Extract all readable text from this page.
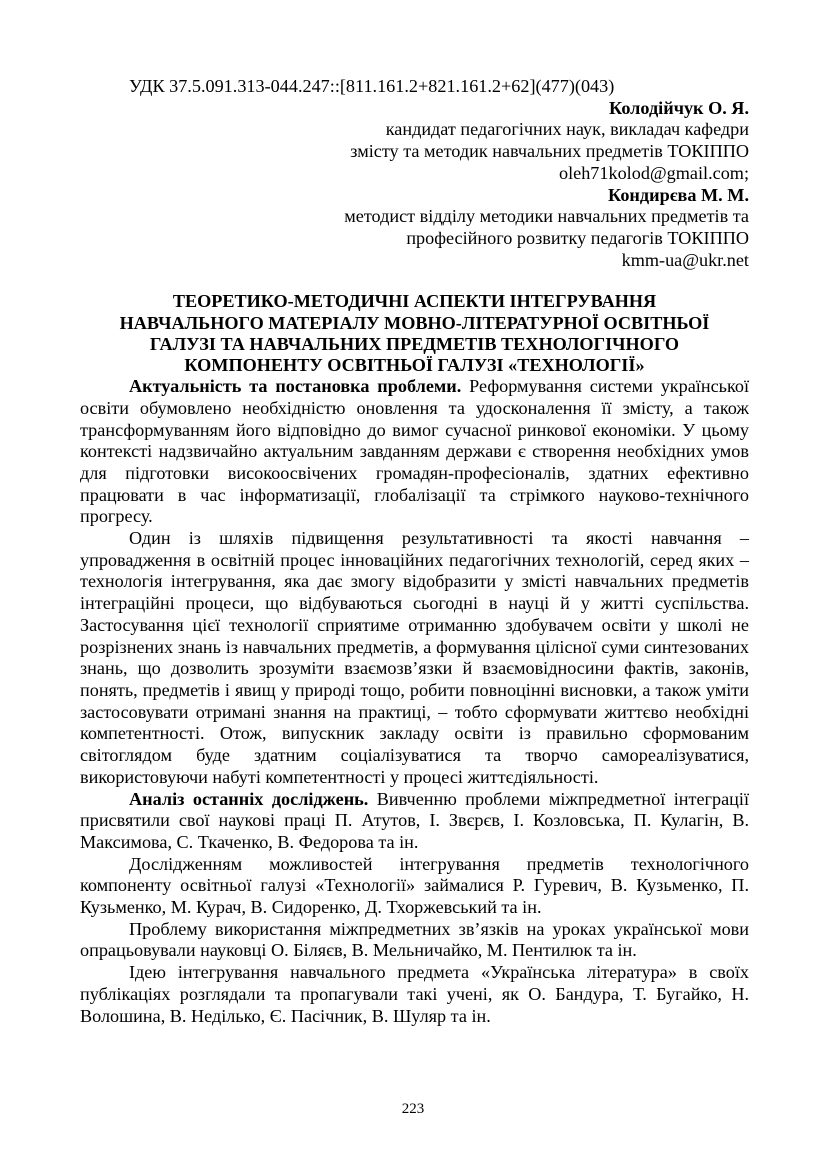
УДК 37.5.091.313-044.247::[811.161.2+821.161.2+62](477)(043)
Колодійчук О. Я.
кандидат педагогічних наук, викладач кафедри
змісту та методик навчальних предметів ТОКІППО
oleh71kolod@gmail.com;
Кондирєва М. М.
методист відділу методики навчальних предметів та
професійного розвитку педагогів ТОКІППО
kmm-ua@ukr.net
ТЕОРЕТИКО-МЕТОДИЧНІ АСПЕКТИ ІНТЕГРУВАННЯ
НАВЧАЛЬНОГО МАТЕРІАЛУ МОВНО-ЛІТЕРАТУРНОЇ ОСВІТНЬОЇ
ГАЛУЗІ ТА НАВЧАЛЬНИХ ПРЕДМЕТІВ ТЕХНОЛОГІЧНОГО
КОМПОНЕНТУ ОСВІТНЬОЇ ГАЛУЗІ «ТЕХНОЛОГІЇ»

Актуальність та постановка проблеми. Реформування системи української освіти обумовлено необхідністю оновлення та удосконалення її змісту, а також трансформуванням його відповідно до вимог сучасної ринкової економіки. У цьому контексті надзвичайно актуальним завданням держави є створення необхідних умов для підготовки високоосвічених громадян-професіоналів, здатних ефективно працювати в час інформатизації, глобалізації та стрімкого науково-технічного прогресу.

Один із шляхів підвищення результативності та якості навчання – упровадження в освітній процес інноваційних педагогічних технологій, серед яких – технологія інтегрування, яка дає змогу відобразити у змісті навчальних предметів інтеграційні процеси, що відбуваються сьогодні в науці й у житті суспільства. Застосування цієї технології сприятиме отриманню здобувачем освіти у школі не розрізнених знань із навчальних предметів, а формування цілісної суми синтезованих знань, що дозволить зрозуміти взаємозв’язки й взаємовідносини фактів, законів, понять, предметів і явищ у природі тощо, робити повноцінні висновки, а також уміти застосовувати отримані знання на практиці, – тобто сформувати життєво необхідні компетентності. Отож, випускник закладу освіти із правильно сформованим світоглядом буде здатним соціалізуватися та творчо самореалізуватися, використовуючи набуті компетентності у процесі життєдіяльності.

Аналіз останніх досліджень. Вивченню проблеми міжпредметної інтеграції присвятили свої наукові праці П. Атутов, І. Звєрєв, І. Козловська, П. Кулагін, В. Максимова, С. Ткаченко, В. Федорова та ін.

Дослідженням можливостей інтегрування предметів технологічного компоненту освітньої галузі «Технології» займалися Р. Гуревич, В. Кузьменко, П. Кузьменко, М. Курач, В. Сидоренко, Д. Тхоржевський та ін.

Проблему використання міжпредметних зв’язків на уроках української мови опрацьовували науковці О. Біляєв, В. Мельничайко, М. Пентилюк та ін.

Ідею інтегрування навчального предмета «Українська література» в своїх публікаціях розглядали та пропагували такі учені, як О. Бандура, Т. Бугайко, Н. Волошина, В. Неділько, Є. Пасічник, В. Шуляр та ін.

223
